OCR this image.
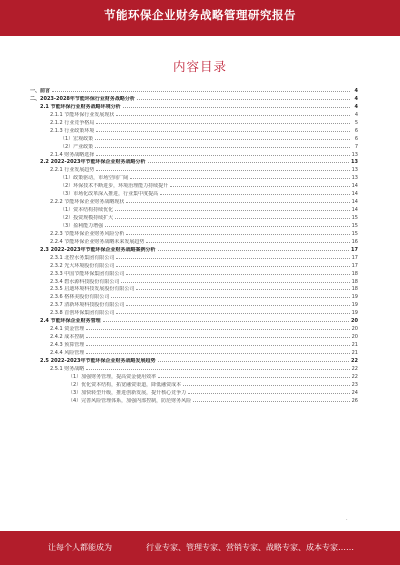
节能环保企业财务战略管理研究报告
内容目录
一、前言	4
二、2023-2028年节能环保行业财务战略分析	4
2.1 节能环保行业财务战略环境分析	4
2.1.1 节能环保行业发展现状	4
2.1.2 行业竞争格局	5
2.1.3 行业政策环境	6
（1）宏观政策	6
（2）产业政策	7
2.1.4 财务战略选择	13
2.2 2022-2023年节能环保企业财务战略分析	13
2.2.1 行业发展趋势	13
（1）政策驱动，市场空间广阔	13
（2）环保技术不断进步，环境治理能力持续提升	14
（3）市场化改革深入推进，行业集中度提高	14
2.2.2 节能环保企业财务战略现状	14
（1）资本结构持续优化	14
（2）投资规模持续扩大	15
（3）盈利能力增强	15
2.2.3 节能环保企业财务风险分析	15
2.2.4 节能环保企业财务战略未来发展趋势	16
2.3 2022-2023年节能环保企业财务战略案例分析	17
2.3.1 北控水务集团有限公司	17
2.3.2 光大环境股份有限公司	17
2.3.3 中国节能环保集团有限公司	18
2.3.4 碧水源科技股份有限公司	18
2.3.5 启迪环境科技发展股份有限公司	18
2.3.6 格林美股份有限公司	19
2.3.7 清新环境科技股份有限公司	19
2.3.8 首创环保集团有限公司	19
2.4 节能环保企业财务管理	20
2.4.1 资金管理	20
2.4.2 成本控制	20
2.4.3 预算管理	21
2.4.4 风险管理	21
2.5 2022-2023年节能环保企业财务战略发展趋势	22
2.5.1 财务战略	22
（1）加强财务管理，提高资金使用效率	22
（2）优化资本结构，拓宽融资渠道，降低融资成本	23
（3）加快转型升级，推进创新发展，提升核心竞争力	24
（4）完善风险管理体系，加强内部控制，防范财务风险	26
·
让每个人都能成为	行业专家、管理专家、营销专家、战略专家、成本专家……
